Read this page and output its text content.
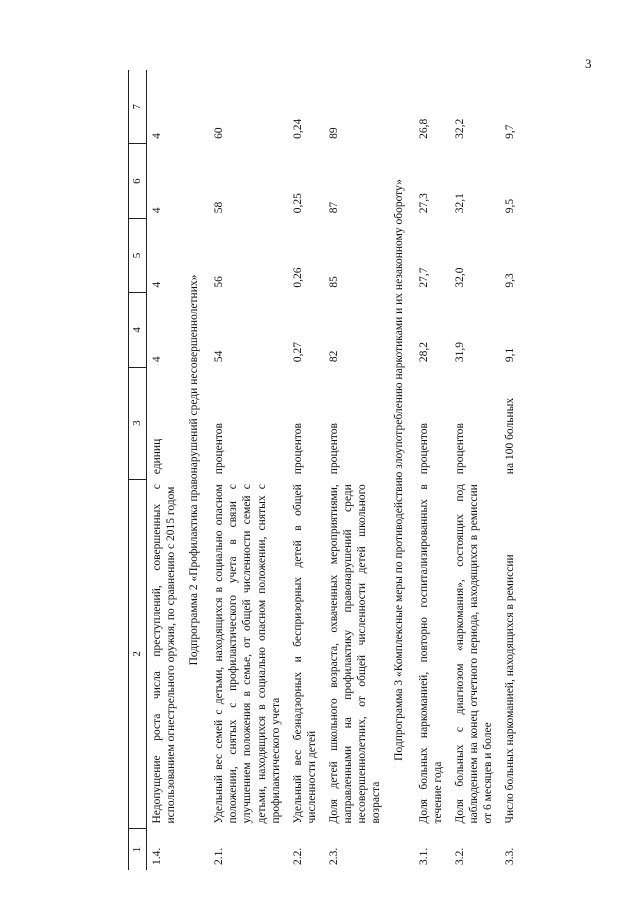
3
1	2	3	4	5	6	7
1.4.	Недопущение роста числа преступлений, совершенных с использованием огнестрельного оружия, по сравнению с 2015 годом	единиц	4	4	4	4
Подпрограмма 2 «Профилактика правонарушений среди несовершеннолетних»						
2.1.	Удельный вес семей с детьми, находящихся в социально опасном положении, снятых с профилактического учета в связи с улучшением положения в семье, от общей численности семей с детьми, находящихся в социально опасном положении, снятых с профилактического учета	процентов	54	56	58	60
2.2.	Удельный вес безнадзорных и беспризорных детей в общей численности детей	процентов	0,27	0,26	0,25	0,24
2.3.	Доля детей школьного возраста, охваченных мероприятиями, направленными на профилактику правонарушений среди несовершеннолетних, от общей численности детей школьного возраста	процентов	82	85	87	89
Подпрограмма 3 «Комплексные меры по противодействию злоупотреблению наркотиками и их незаконному обороту»						
3.1.	Доля больных наркоманией, повторно госпитализированных в течение года	процентов	28,2	27,7	27,3	26,8
3.2.	Доля больных с диагнозом «наркомания», состоящих под наблюдением на конец отчетного периода, находящихся в ремиссии от 6 месяцев и более	процентов	31,9	32,0	32,1	32,2
3.3.	Число больных наркоманией, находящихся в ремиссии	на 100 больных	9,1	9,3	9,5	9,7
